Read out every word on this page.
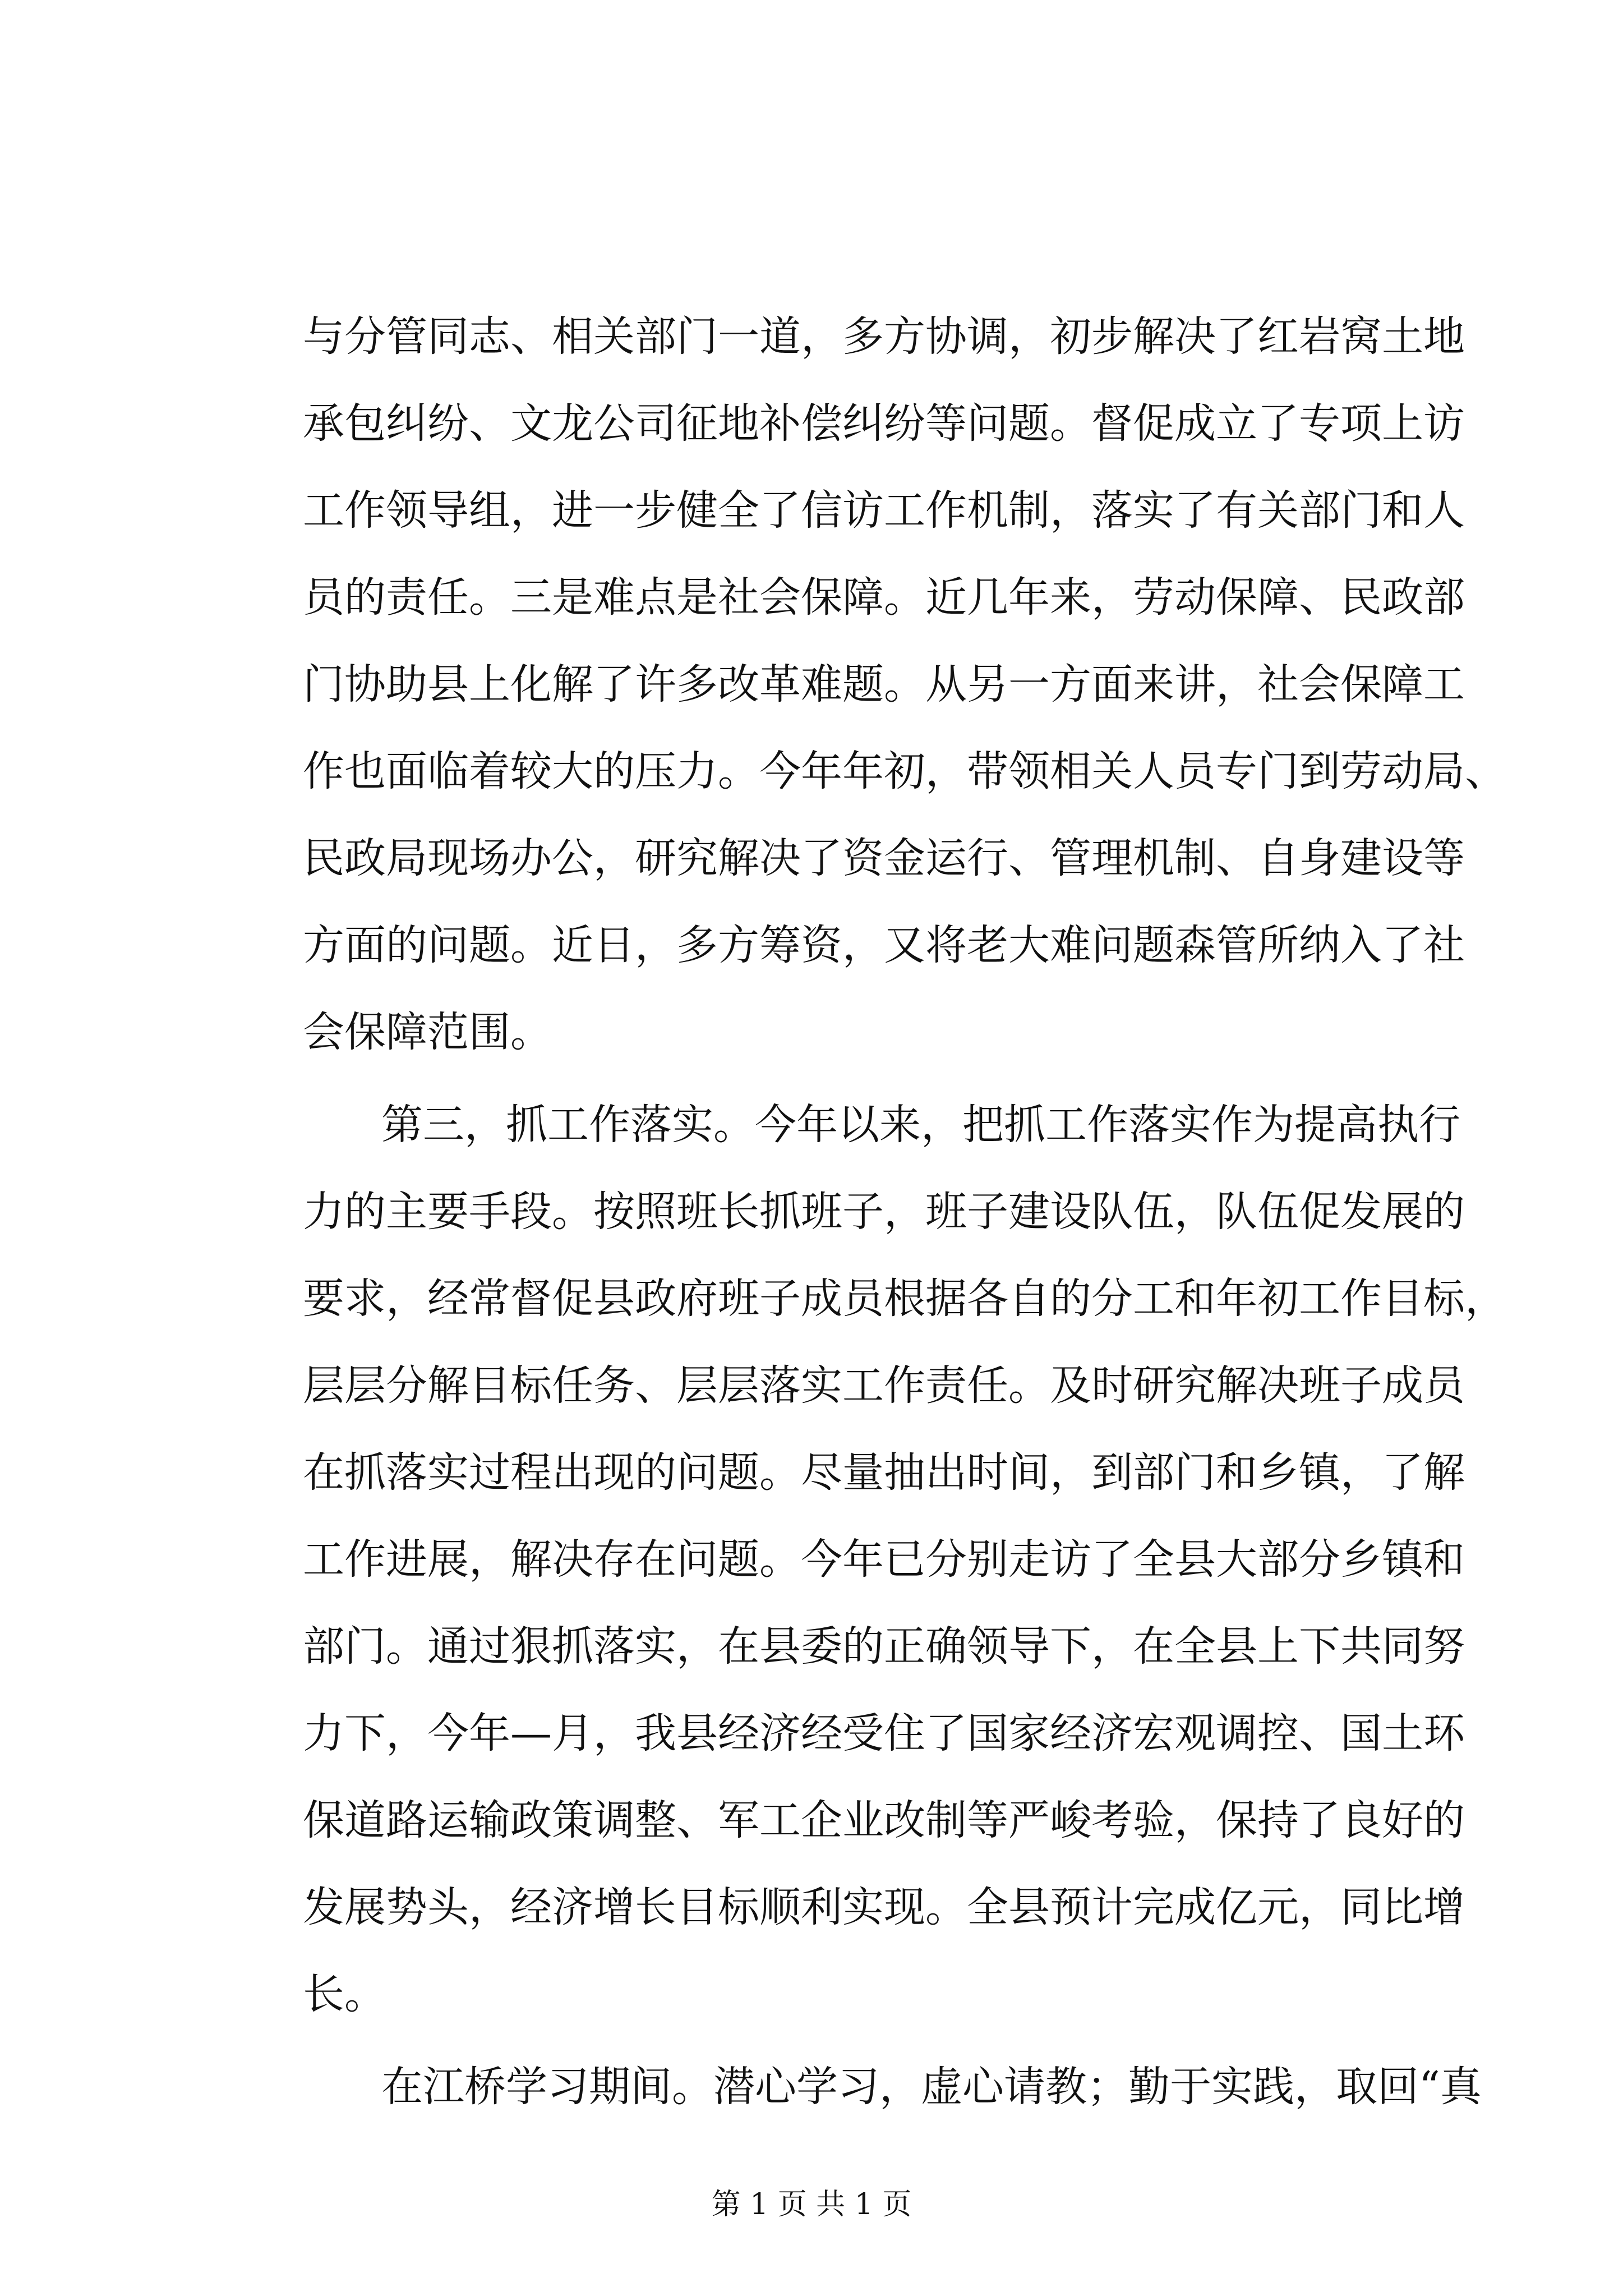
与分管同志、相关部门一道，多方协调，初步解决了红岩窝土地
承包纠纷、文龙公司征地补偿纠纷等问题。督促成立了专项上访
工作领导组，进一步健全了信访工作机制，落实了有关部门和人
员的责任。三是难点是社会保障。近几年来，劳动保障、民政部
门协助县上化解了许多改革难题。从另一方面来讲，社会保障工
作也面临着较大的压力。今年年初，带领相关人员专门到劳动局、
民政局现场办公，研究解决了资金运行、管理机制、自身建设等
方面的问题。近日，多方筹资，又将老大难问题森管所纳入了社
会保障范围。
第三，抓工作落实。今年以来，把抓工作落实作为提高执行
力的主要手段。按照班长抓班子，班子建设队伍，队伍促发展的
要求，经常督促县政府班子成员根据各自的分工和年初工作目标，
层层分解目标任务、层层落实工作责任。及时研究解决班子成员
在抓落实过程出现的问题。尽量抽出时间，到部门和乡镇，了解
工作进展，解决存在问题。今年已分别走访了全县大部分乡镇和
部门。通过狠抓落实，在县委的正确领导下，在全县上下共同努
力下，今年—月，我县经济经受住了国家经济宏观调控、国土环
保道路运输政策调整、军工企业改制等严峻考验，保持了良好的
发展势头，经济增长目标顺利实现。全县预计完成亿元，同比增
长。
在江桥学习期间。潜心学习，虚心请教；勤于实践，取回“真
第 1 页 共 1 页
